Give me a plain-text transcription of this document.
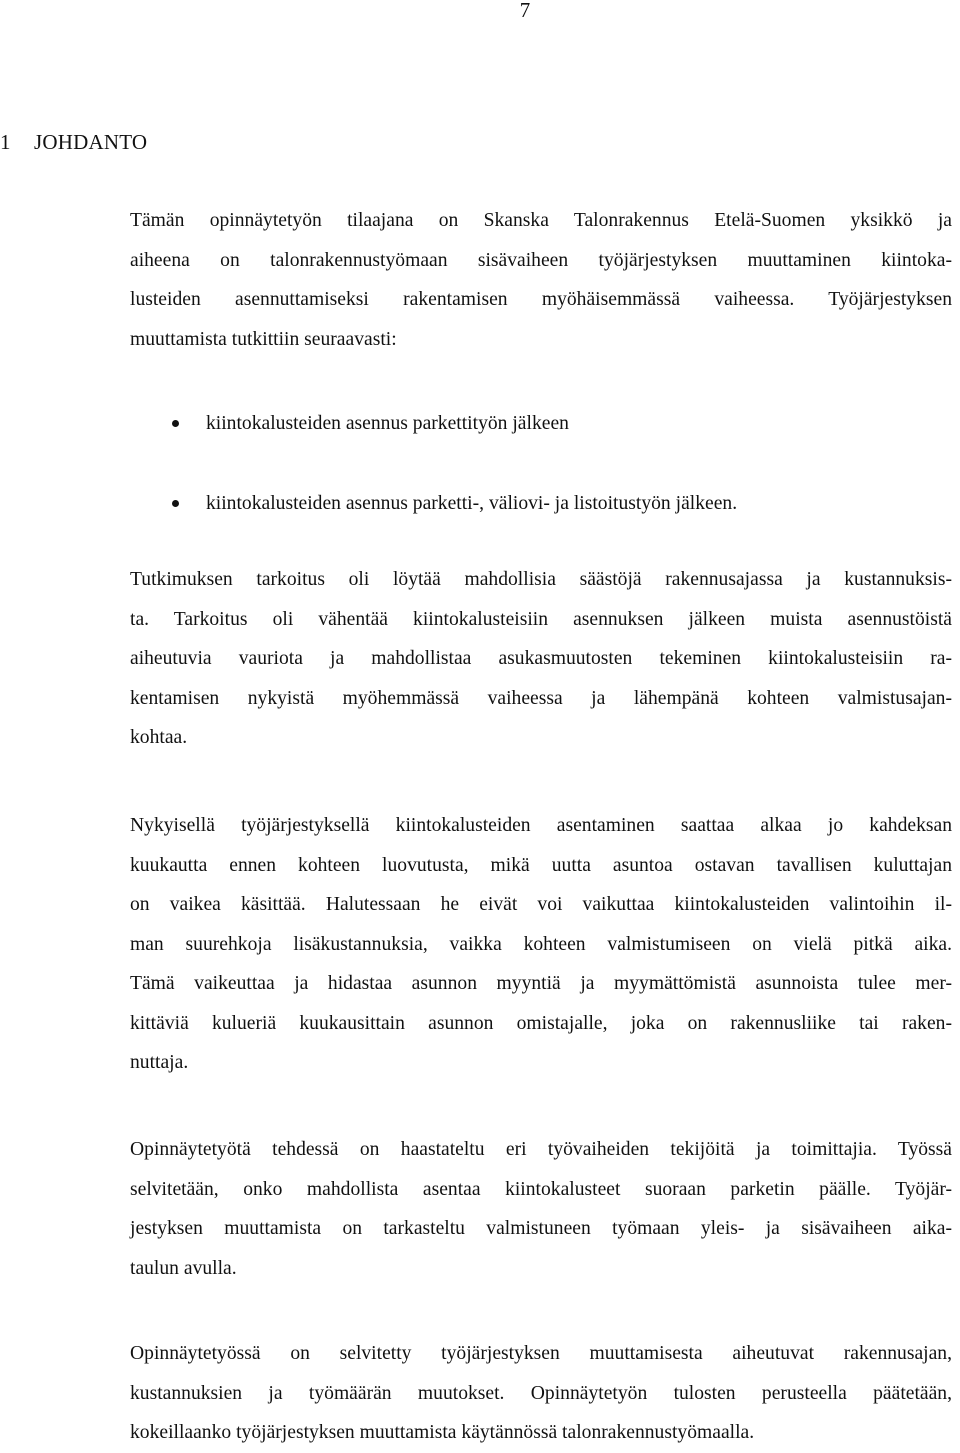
7
1 JOHDANTO
Tämän opinnäytetyön tilaajana on Skanska Talonrakennus Etelä-Suomen yksikkö ja
aiheena on talonrakennustyömaan sisävaiheen työjärjestyksen muuttaminen kiintoka-
lusteiden asennuttamiseksi rakentamisen myöhäisemmässä vaiheessa. Työjärjestyksen
muuttamista tutkittiin seuraavasti:
kiintokalusteiden asennus parkettityön jälkeen
kiintokalusteiden asennus parketti-, väliovi- ja listoitustyön jälkeen.
Tutkimuksen tarkoitus oli löytää mahdollisia säästöjä rakennusajassa ja kustannuksis-
ta. Tarkoitus oli vähentää kiintokalusteisiin asennuksen jälkeen muista asennustöistä
aiheutuvia vauriota ja mahdollistaa asukasmuutosten tekeminen kiintokalusteisiin ra-
kentamisen nykyistä myöhemmässä vaiheessa ja lähempänä kohteen valmistusajan-
kohtaa.
Nykyisellä työjärjestyksellä kiintokalusteiden asentaminen saattaa alkaa jo kahdeksan
kuukautta ennen kohteen luovutusta, mikä uutta asuntoa ostavan tavallisen kuluttajan
on vaikea käsittää. Halutessaan he eivät voi vaikuttaa kiintokalusteiden valintoihin il-
man suurehkoja lisäkustannuksia, vaikka kohteen valmistumiseen on vielä pitkä aika.
Tämä vaikeuttaa ja hidastaa asunnon myyntiä ja myymättömistä asunnoista tulee mer-
kittäviä kulueriä kuukausittain asunnon omistajalle, joka on rakennusliike tai raken-
nuttaja.
Opinnäytetyötä tehdessä on haastateltu eri työvaiheiden tekijöitä ja toimittajia. Työssä
selvitetään, onko mahdollista asentaa kiintokalusteet suoraan parketin päälle. Työjär-
jestyksen muuttamista on tarkasteltu valmistuneen työmaan yleis- ja sisävaiheen aika-
taulun avulla.
Opinnäytetyössä on selvitetty työjärjestyksen muuttamisesta aiheutuvat rakennusajan,
kustannuksien ja työmäärän muutokset. Opinnäytetyön tulosten perusteella päätetään,
kokeillaanko työjärjestyksen muuttamista käytännössä talonrakennustyömaalla.
